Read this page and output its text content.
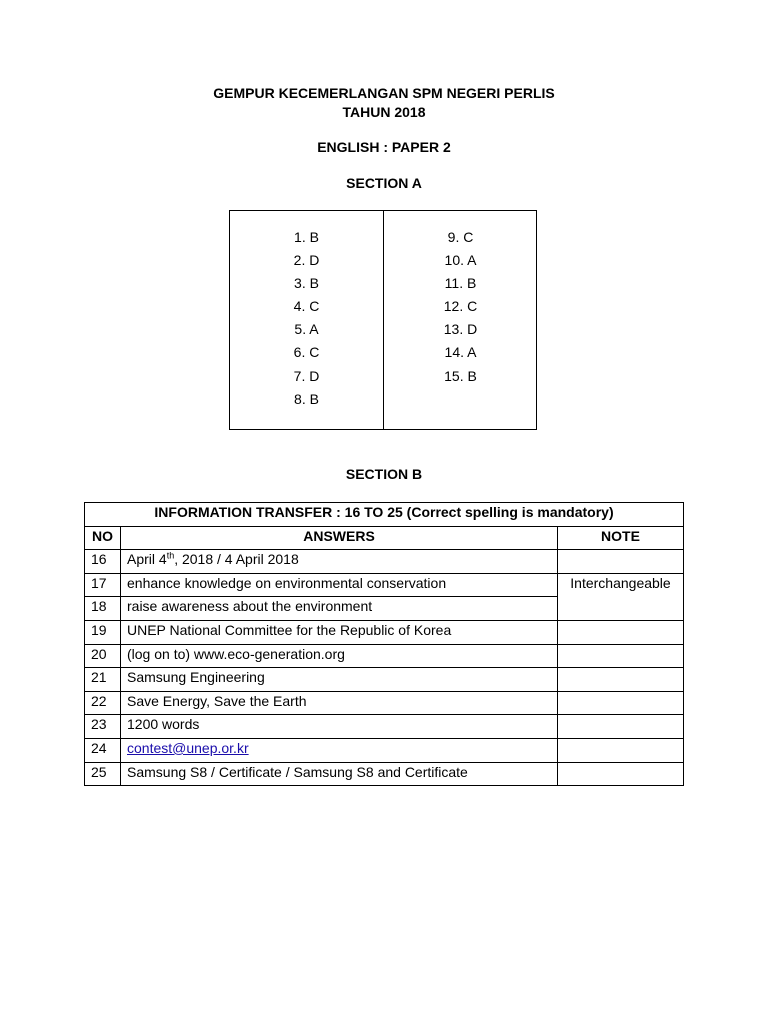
GEMPUR KECEMERLANGAN SPM NEGERI PERLIS
TAHUN 2018
ENGLISH : PAPER 2
SECTION A
1. B
2. D
3. B
4. C
5. A
6. C
7. D
8. B
9. C
10. A
11. B
12. C
13. D
14. A
15. B
SECTION B
INFORMATION TRANSFER : 16 TO 25 (Correct spelling is mandatory)		
NO	ANSWERS	NOTE
16	April 4th, 2018 / 4 April 2018	
17	enhance knowledge on environmental conservation	Interchangeable
18	raise awareness about the environment	
19	UNEP National Committee for the Republic of Korea	
20	(log on to) www.eco-generation.org	
21	Samsung Engineering	
22	Save Energy, Save the Earth	
23	1200 words	
24	contest@unep.or.kr	
25	Samsung S8 / Certificate / Samsung S8 and Certificate	
